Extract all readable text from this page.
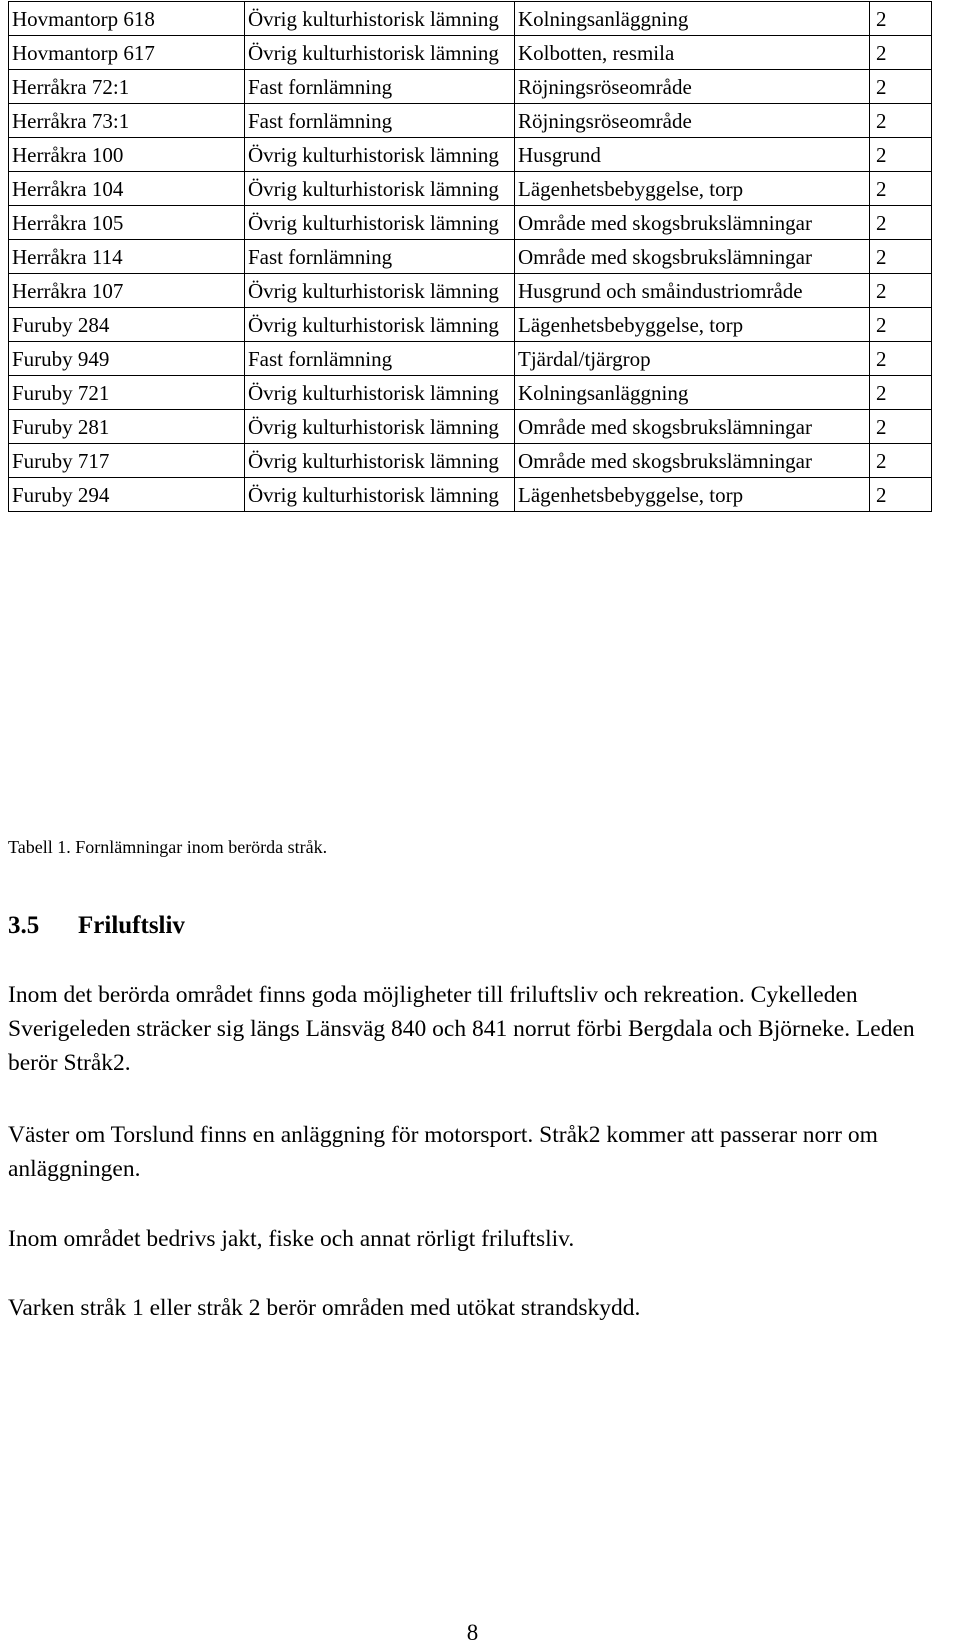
Hovmantorp 618	Övrig kulturhistorisk lämning	Kolningsanläggning	2
Hovmantorp 617	Övrig kulturhistorisk lämning	Kolbotten, resmila	2
Herråkra 72:1	Fast fornlämning	Röjningsröseområde	2
Herråkra 73:1	Fast fornlämning	Röjningsröseområde	2
Herråkra 100	Övrig kulturhistorisk lämning	Husgrund	2
Herråkra 104	Övrig kulturhistorisk lämning	Lägenhetsbebyggelse, torp	2
Herråkra 105	Övrig kulturhistorisk lämning	Område med skogsbrukslämningar	2
Herråkra 114	Fast fornlämning	Område med skogsbrukslämningar	2
Herråkra 107	Övrig kulturhistorisk lämning	Husgrund och småindustriområde	2
Furuby 284	Övrig kulturhistorisk lämning	Lägenhetsbebyggelse, torp	2
Furuby 949	Fast fornlämning	Tjärdal/tjärgrop	2
Furuby 721	Övrig kulturhistorisk lämning	Kolningsanläggning	2
Furuby 281	Övrig kulturhistorisk lämning	Område med skogsbrukslämningar	2
Furuby 717	Övrig kulturhistorisk lämning	Område med skogsbrukslämningar	2
Furuby 294	Övrig kulturhistorisk lämning	Lägenhetsbebyggelse, torp	2
Tabell 1. Fornlämningar inom berörda stråk.
3.5 Friluftsliv

Inom det berörda området finns goda möjligheter till friluftsliv och rekreation. Cykelleden Sverigeleden sträcker sig längs Länsväg 840 och 841 norrut förbi Bergdala och Björneke. Leden berör Stråk2.

Väster om Torslund finns en anläggning för motorsport. Stråk2 kommer att passerar norr om anläggningen.

Inom området bedrivs jakt, fiske och annat rörligt friluftsliv.

Varken stråk 1 eller stråk 2 berör områden med utökat strandskydd.

8
